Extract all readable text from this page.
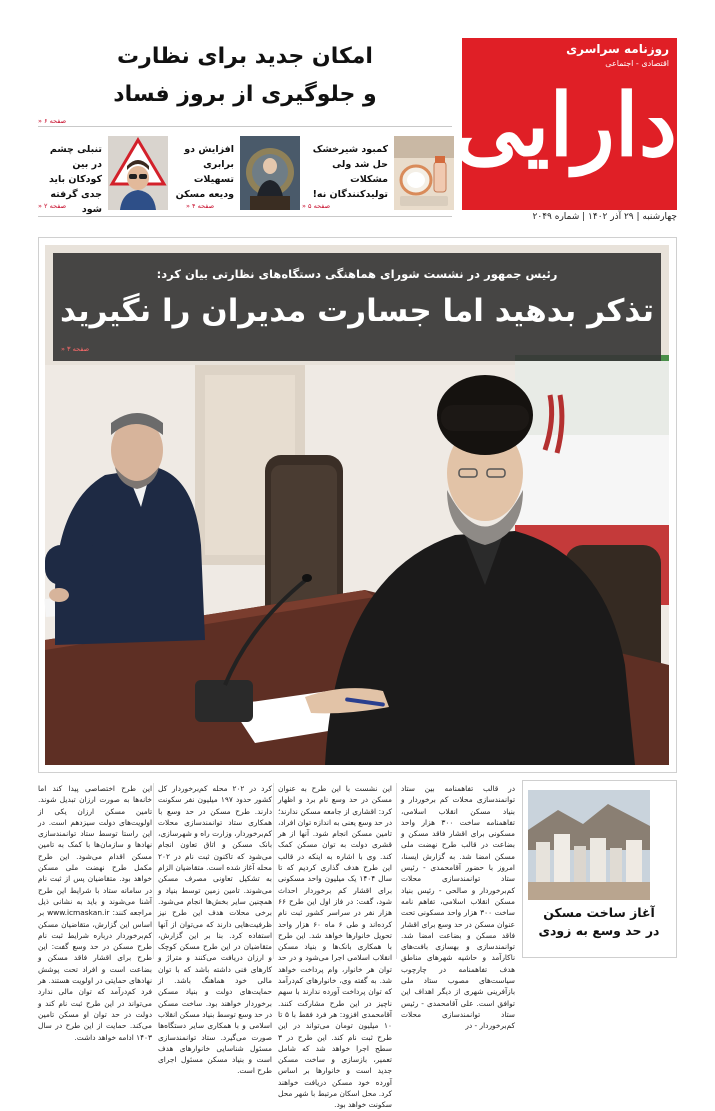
روزنامه سراسری
اقتصادی - اجتماعی
دارایی
چهارشنبه | ۲۹ آذر ۱۴۰۲ | شماره ۲۰۴۹
امکان جدید برای نظارت
و جلوگیری از بروز فساد
صفحه ۶ «
کمبود شیرخشک حل شد ولی مشکلات تولیدکنندگان نه!
صفحه ۵ «
افزایش دو برابری تسهیلات ودیعه مسکن
صفحه ۴ «
تنبلی چشم در بین کودکان باید جدی گرفته شود
صفحه ۲ «
رئیس جمهور در نشست شورای هماهنگی دستگاه‌های نظارتی بیان کرد:
تذکر بدهید اما جسارت مدیران را نگیرید
صفحه ۳ «
آغاز ساخت مسکن
در حد وسع به زودی
در قالب تفاهمنامه بین ستاد توانمندسازی محلات کم برخوردار و بنیاد مسکن انقلاب اسلامی، تفاهمنامه ساخت ۳۰۰ هزار واحد مسکونی برای اقشار فاقد مسکن و بضاعت در قالب طرح نهضت ملی مسکن امضا شد. به گزارش ایسنا، امروز با حضور آقامحمدی - رئیس ستاد توانمندسازی محلات کم‌برخوردار و صالحی - رئیس بنیاد مسکن انقلاب اسلامی، تفاهم نامه ساخت ۳۰۰ هزار واحد مسکونی تحت عنوان مسکن در حد وسع برای اقشار فاقد مسکن و بضاعت امضا شد. توانمندسازی و بهسازی بافت‌های ناکارآمد و حاشیه شهرهای مناطق هدف تفاهمنامه در چارچوب سیاست‌های مصوب ستاد ملی بازآفرینی شهری از دیگر اهداف این توافق است. علی آقامحمدی - رئیس ستاد توانمندسازی محلات کم‌برخوردار - در
این نشست با این طرح به عنوان مسکن در حد وسع نام برد و اظهار کرد: اقشاری از جامعه مسکن ندارند؛ در حد وسع یعنی به اندازه توان افراد، تامین مسکن انجام شود. آنها از هر قشری دولت به توان مسکن کمک کند. وی با اشاره به اینکه در قالب این طرح هدف گذاری کردیم که تا سال ۱۴۰۴ یک میلیون واحد مسکونی برای اقشار کم برخوردار احداث شود، گفت: در فاز اول این طرح ۶۶ هزار نفر در سراسر کشور ثبت نام کرده‌اند و طی ۶ ماه ۶۰ هزار واحد تحویل خانوارها خواهد شد. این طرح با همکاری بانک‌ها و بنیاد مسکن انقلاب اسلامی اجرا می‌شود و در حد توان هر خانوار، وام پرداخت خواهد شد. به گفته وی، خانوارهای کم‌درآمد که توان پرداخت آورده ندارند با سهم ناچیز در این طرح مشارکت کنند. آقامحمدی افزود: هر فرد فقط با ۵ تا ۱۰ میلیون تومان می‌تواند در این طرح ثبت نام کند. این طرح در ۳ سطح اجرا خواهد شد که شامل تعمیر، بازسازی و ساخت مسکن جدید است و خانوارها بر اساس آورده خود مسکن دریافت خواهند کرد. محل اسکان مرتبط با شهر محل سکونت خواهد بود.
کرد در ۲۰۲ محله کم‌برخوردار کل کشور حدود ۱۹۷ میلیون نفر سکونت دارند. طرح مسکن در حد وسع با همکاری ستاد توانمندسازی محلات کم‌برخوردار، وزارت راه و شهرسازی، بانک مسکن و اتاق تعاون انجام می‌شود که تاکنون ثبت نام در ۲۰۲ محله آغاز شده است. متقاضیان الزام به تشکیل تعاونی مصرف مسکن می‌شوند. تامین زمین توسط بنیاد و همچنین سایر بخش‌ها انجام می‌شود. برخی محلات هدف این طرح نیز ظرفیت‌هایی دارند که می‌توان از آنها استفاده کرد. بنا بر این گزارش، متقاضیان در این طرح مسکن کوچک و ارزان دریافت می‌کنند و متراژ و کارهای فنی داشته باشد که با توان مالی خود هماهنگ باشد. از حمایت‌های دولت و بنیاد مسکن برخوردار خواهند بود. ساخت مسکن در حد وسع توسط بنیاد مسکن انقلاب اسلامی و با همکاری سایر دستگاه‌ها صورت می‌گیرد. ستاد توانمندسازی مسئول شناسایی خانوارهای هدف است و بنیاد مسکن مسئول اجرای طرح است.
این طرح اختصاصی پیدا کند اما خانه‌ها به صورت ارزان تبدیل شوند. تامین مسکن ارزان یکی از اولویت‌های دولت سیزدهم است. در این راستا توسط ستاد توانمندسازی نهادها و سازمان‌ها با کمک به تامین مسکن اقدام می‌شود. این طرح مکمل طرح نهضت ملی مسکن خواهد بود. متقاضیان پس از ثبت نام در سامانه ستاد با شرایط این طرح آشنا می‌شوند و باید به نشانی ذیل مراجعه کنند: www.icmaskan.ir بر اساس این گزارش، متقاضیان مسکن کم‌برخوردار درباره شرایط ثبت نام طرح مسکن در حد وسع گفت: این طرح برای اقشار فاقد مسکن و بضاعت است و افراد تحت پوشش نهادهای حمایتی در اولویت هستند. هر فرد کم‌درآمد که توان مالی ندارد می‌تواند در این طرح ثبت نام کند و دولت در حد توان او مسکن تامین می‌کند. حمایت از این طرح در سال ۱۴۰۳ ادامه خواهد داشت.
